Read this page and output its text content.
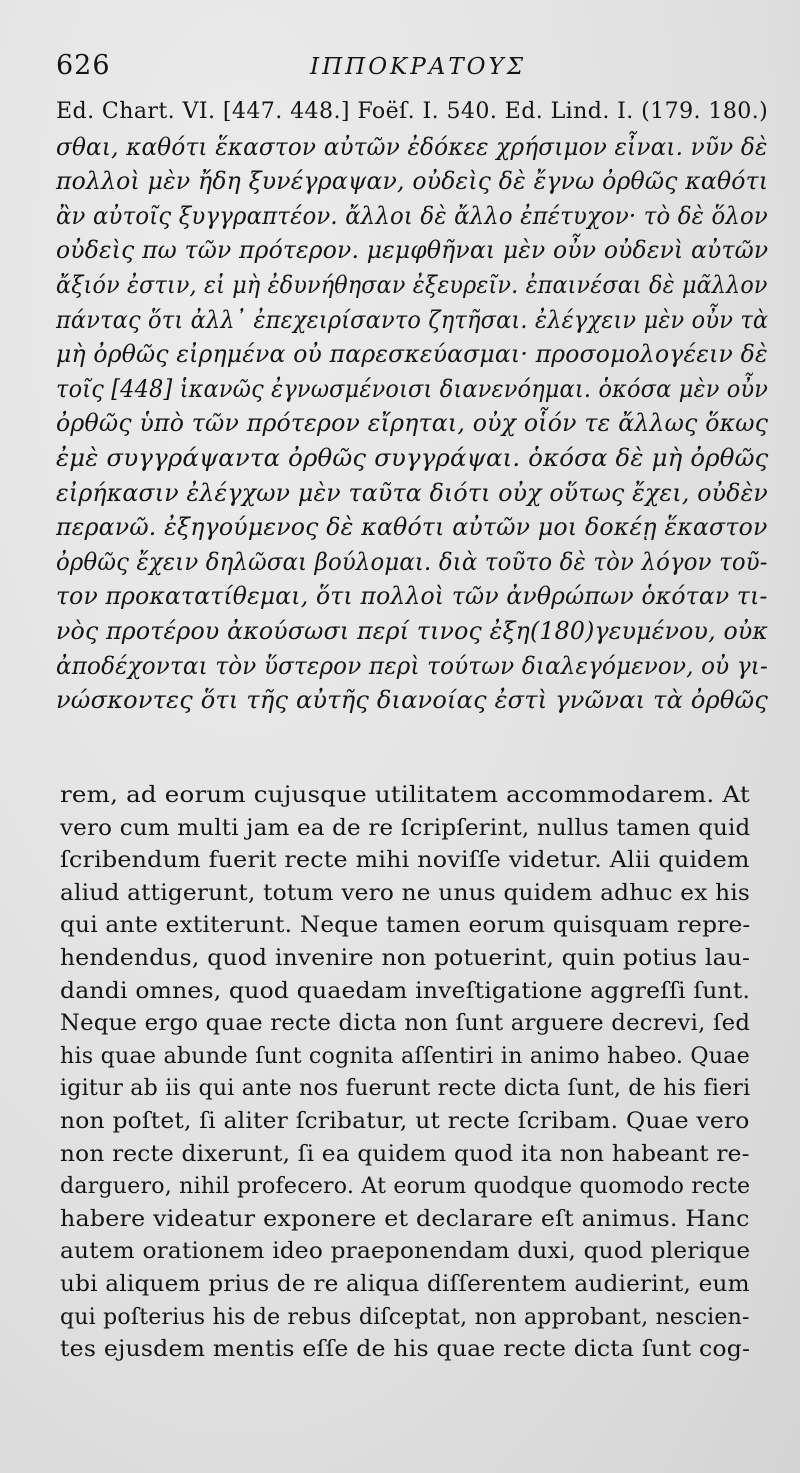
626	ΙΠΠΟΚΡΑΤΟΥΣ
Ed. Chart. VI. [447. 448.] Foëſ. I. 540. Ed. Lind. I. (179. 180.)
σθαι, καθότι ἕκαστον αὐτῶν ἐδόκεε χρήσιμον εἶναι. νῦν δὲ
πολλοὶ μὲν ἤδη ξυνέγραψαν, οὐδεὶς δὲ ἔγνω ὀρθῶς καθότι
ἂν αὐτοῖς ξυγγραπτέον. ἄλλοι δὲ ἄλλο ἐπέτυχον· τὸ δὲ ὅλον
οὐδεὶς πω τῶν πρότερον. μεμφθῆναι μὲν οὖν οὐδενὶ αὐτῶν
ἄξιόν ἐστιν, εἰ μὴ ἐδυνήθησαν ἐξευρεῖν. ἐπαινέσαι δὲ μᾶλλον
πάντας ὅτι ἀλλ᾽ ἐπεχειρίσαντο ζητῆσαι. ἐλέγχειν μὲν οὖν τὰ
μὴ ὀρθῶς εἰρημένα οὐ παρεσκεύασμαι· προσομολογέειν δὲ
τοῖς [448] ἱκανῶς ἐγνωσμένοισι διανενόημαι. ὁκόσα μὲν οὖν
ὀρθῶς ὑπὸ τῶν πρότερον εἴρηται, οὐχ οἷόν τε ἄλλως ὅκως
ἐμὲ συγγράψαντα ὀρθῶς συγγράψαι. ὁκόσα δὲ μὴ ὀρθῶς
εἰρήκασιν ἐλέγχων μὲν ταῦτα διότι οὐχ οὕτως ἔχει, οὐδὲν
περανῶ. ἐξηγούμενος δὲ καθότι αὐτῶν μοι δοκέῃ ἕκαστον
ὀρθῶς ἔχειν δηλῶσαι βούλομαι. διὰ τοῦτο δὲ τὸν λόγον τοῦ-
τον προκατατίθεμαι, ὅτι πολλοὶ τῶν ἀνθρώπων ὁκόταν τι-
νὸς προτέρου ἀκούσωσι περί τινος ἐξη(180)γευμένου, οὐκ
ἀποδέχονται τὸν ὕστερον περὶ τούτων διαλεγόμενον, οὐ γι-
νώσκοντες ὅτι τῆς αὐτῆς διανοίας ἐστὶ γνῶναι τὰ ὀρθῶς
rem, ad eorum cujusque utilitatem accommodarem. At
vero cum multi jam ea de re ſcripſerint, nullus tamen quid
ſcribendum fuerit recte mihi noviſſe videtur. Alii quidem
aliud attigerunt, totum vero ne unus quidem adhuc ex his
qui ante extiterunt. Neque tamen eorum quisquam repre-
hendendus, quod invenire non potuerint, quin potius lau-
dandi omnes, quod quaedam inveſtigatione aggreſſi ſunt.
Neque ergo quae recte dicta non ſunt arguere decrevi, ſed
his quae abunde ſunt cognita aſſentiri in animo habeo. Quae
igitur ab iis qui ante nos fuerunt recte dicta ſunt, de his fieri
non poſtet, ſi aliter ſcribatur, ut recte ſcribam. Quae vero
non recte dixerunt, ſi ea quidem quod ita non habeant re-
darguero, nihil profecero. At eorum quodque quomodo recte
habere videatur exponere et declarare eſt animus. Hanc
autem orationem ideo praeponendam duxi, quod plerique
ubi aliquem prius de re aliqua diſſerentem audierint, eum
qui poſterius his de rebus diſceptat, non approbant, nescien-
tes ejusdem mentis eſſe de his quae recte dicta ſunt cog-
